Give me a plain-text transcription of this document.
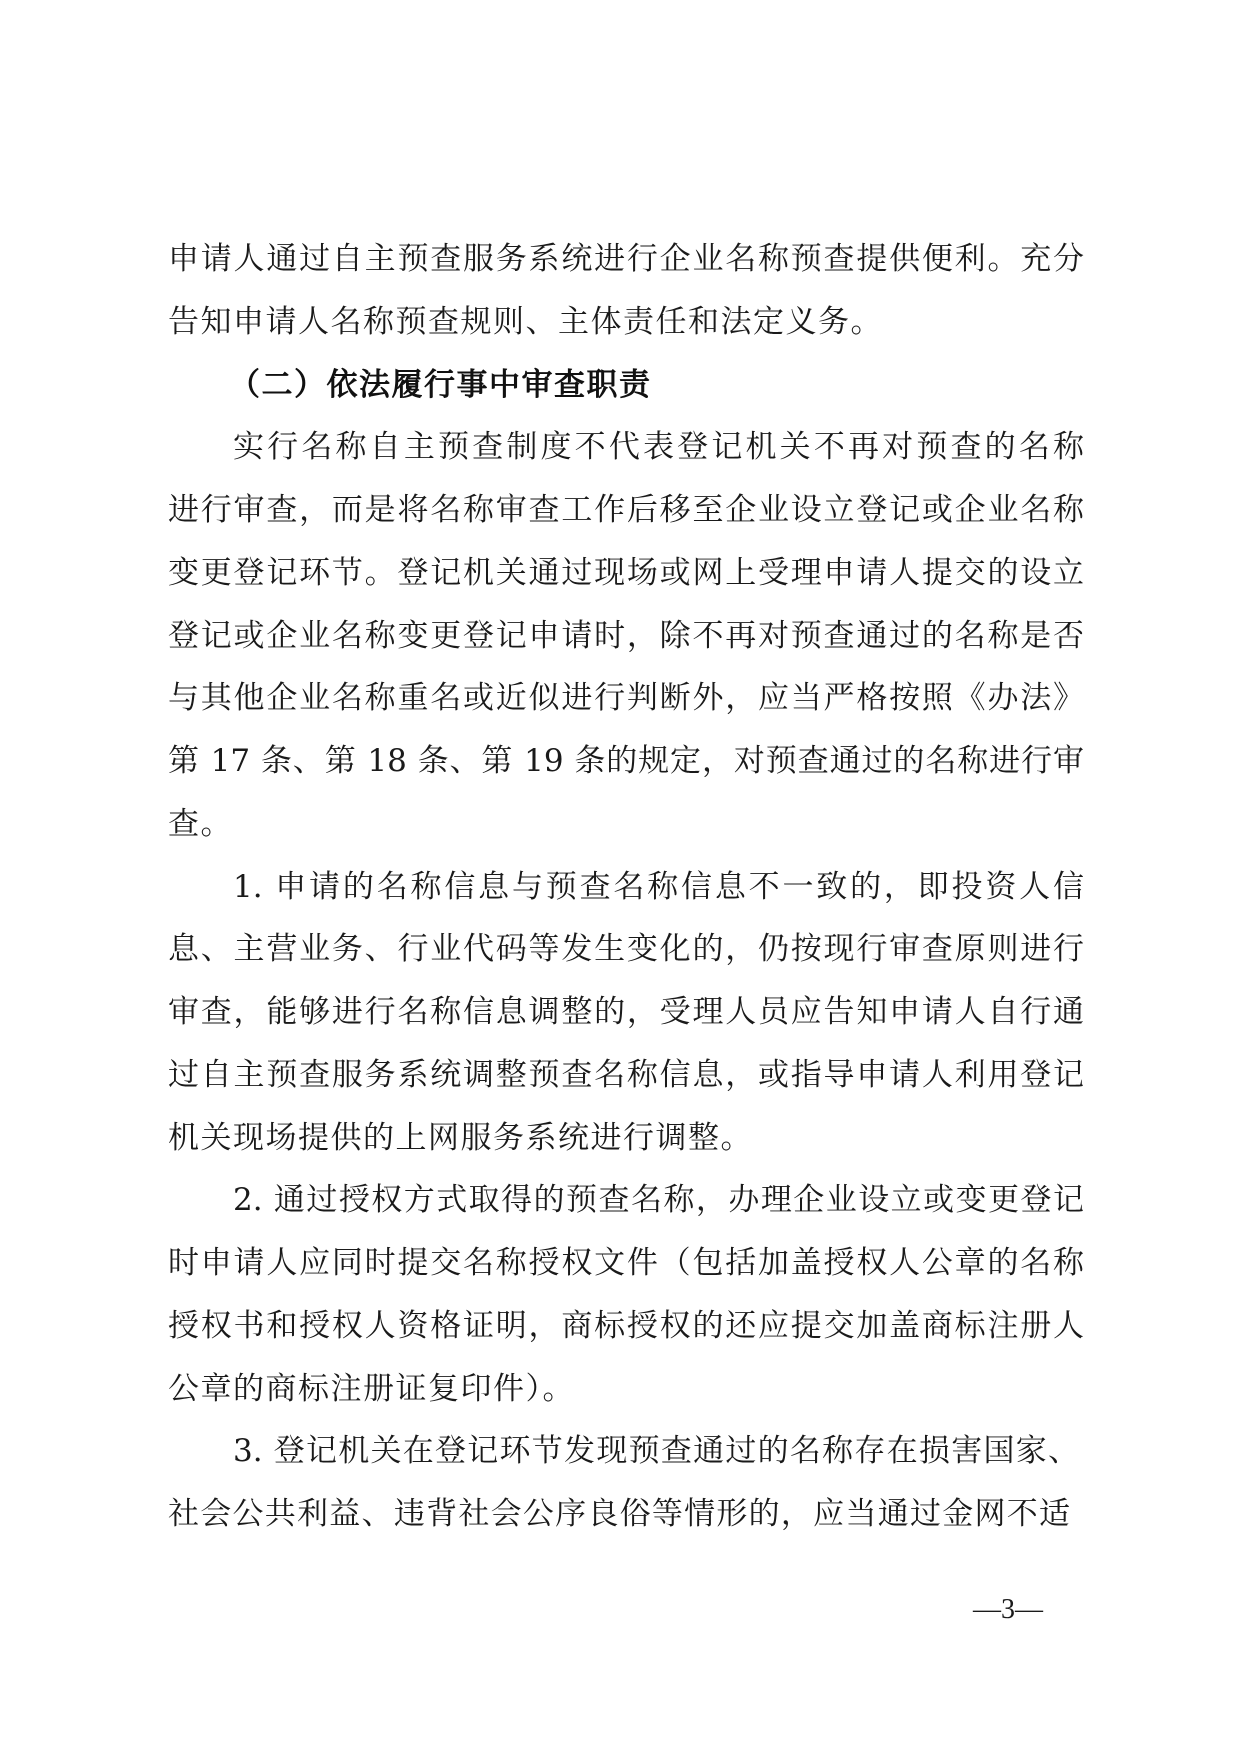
申请人通过自主预查服务系统进行企业名称预查提供便利。充分
告知申请人名称预查规则、主体责任和法定义务。
（二）依法履行事中审查职责
实行名称自主预查制度不代表登记机关不再对预查的名称
进行审查，而是将名称审查工作后移至企业设立登记或企业名称
变更登记环节。登记机关通过现场或网上受理申请人提交的设立
登记或企业名称变更登记申请时，除不再对预查通过的名称是否
与其他企业名称重名或近似进行判断外，应当严格按照《办法》
第 17 条、第 18 条、第 19 条的规定，对预查通过的名称进行审
查。
1. 申请的名称信息与预查名称信息不一致的，即投资人信
息、主营业务、行业代码等发生变化的，仍按现行审查原则进行
审查，能够进行名称信息调整的，受理人员应告知申请人自行通
过自主预查服务系统调整预查名称信息，或指导申请人利用登记
机关现场提供的上网服务系统进行调整。
2. 通过授权方式取得的预查名称，办理企业设立或变更登记
时申请人应同时提交名称授权文件（包括加盖授权人公章的名称
授权书和授权人资格证明，商标授权的还应提交加盖商标注册人
公章的商标注册证复印件）。
3. 登记机关在登记环节发现预查通过的名称存在损害国家、
社会公共利益、违背社会公序良俗等情形的，应当通过金网不适
—3—
